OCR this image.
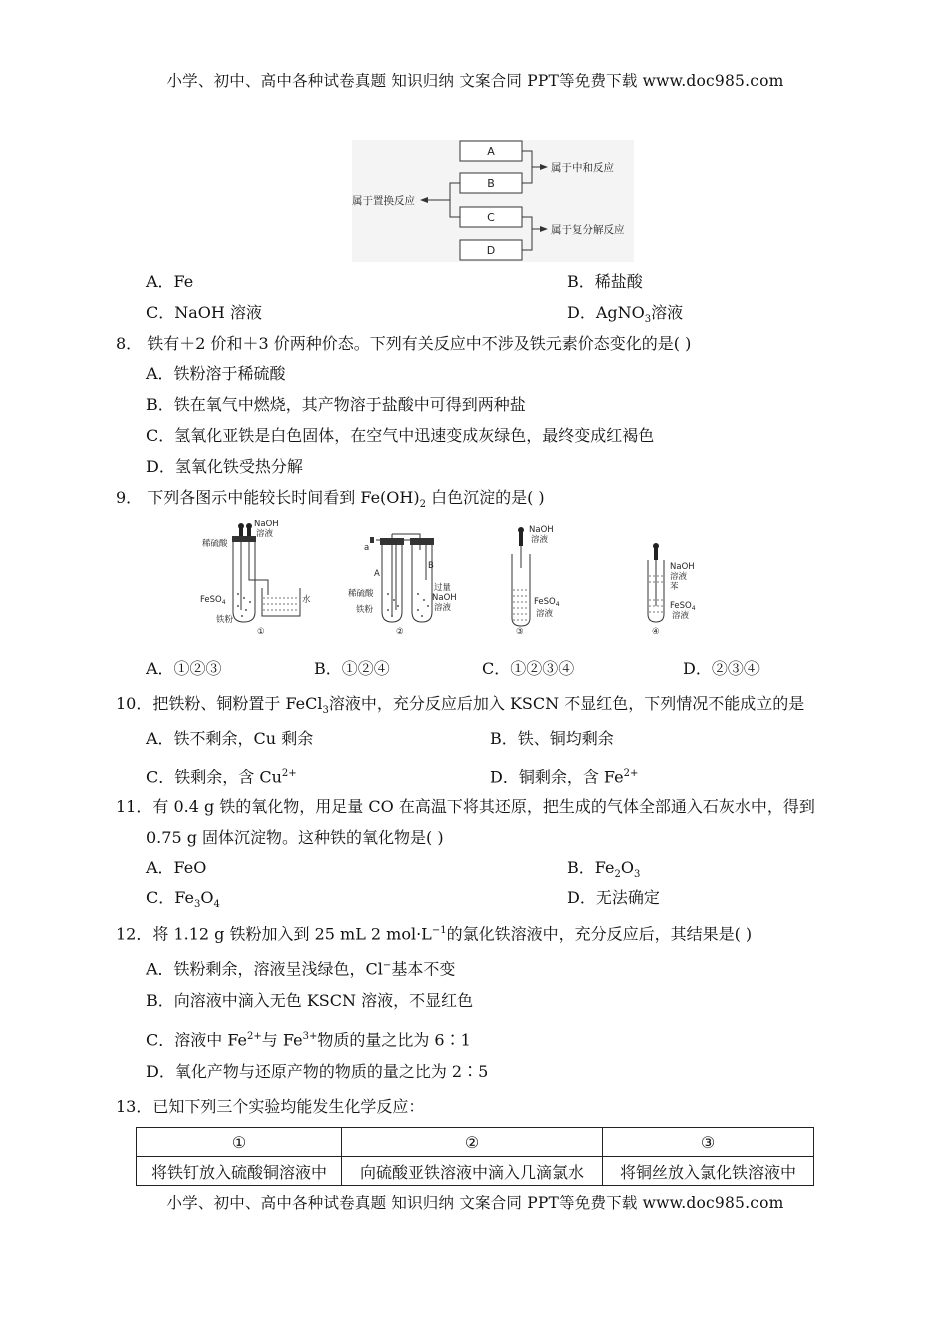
小学、初中、高中各种试卷真题 知识归纳 文案合同 PPT等免费下载 www.doc985.com
A
B
C
D
属于置换反应
属于中和反应
属于复分解反应
A．Fe	B．稀盐酸
C．NaOH 溶液	D．AgNO$_3$溶液
8． 铁有＋2 价和＋3 价两种价态。下列有关反应中不涉及铁元素价态变化的是( )
A．铁粉溶于稀硫酸
B．铁在氧气中燃烧，其产物溶于盐酸中可得到两种盐
C．氢氧化亚铁是白色固体，在空气中迅速变成灰绿色，最终变成红褐色
D．氢氧化铁受热分解
9． 下列各图示中能较长时间看到 $Fe(OH)_2$ 白色沉淀的是( )
NaOH
溶液
稀硫酸
FeSO$_4$
铁粉
水
①
a
A
B
稀硫酸
铁粉
过量
NaOH
溶液
②
NaOH
溶液
FeSO$_4$
溶液
③
NaOH
溶液
苯
FeSO$_4$
溶液
④
A．①②③	B．①②④	C．①②③④	D．②③④
10．把铁粉、铜粉置于 FeCl$_3$溶液中，充分反应后加入 KSCN 不显红色，下列情况不能成立的是
A．铁不剩余，Cu 剩余	B．铁、铜均剩余
C．铁剩余，含 $Cu^{2+}$	D．铜剩余，含 $Fe^{2+}$
11．有 0.4 g 铁的氧化物，用足量 CO 在高温下将其还原，把生成的气体全部通入石灰水中，得到
0.75 g 固体沉淀物。这种铁的氧化物是( )
A．FeO	B．$Fe_2O_3$
C．$Fe_3O_4$	D．无法确定
12．将 1.12 g 铁粉加入到 25 mL 2 $mol\cdot L^{-1}$的氯化铁溶液中，充分反应后，其结果是( )
A．铁粉剩余，溶液呈浅绿色，Cl−基本不变
B．向溶液中滴入无色 KSCN 溶液，不显红色
C．溶液中 $Fe^{2+}$与 $Fe^{3+}$物质的量之比为 6∶1
D．氧化产物与还原产物的物质的量之比为 2∶5
13．已知下列三个实验均能发生化学反应：
①	②	③
将铁钉放入硫酸铜溶液中	向硫酸亚铁溶液中滴入几滴氯水	将铜丝放入氯化铁溶液中
小学、初中、高中各种试卷真题 知识归纳 文案合同 PPT等免费下载 www.doc985.com
